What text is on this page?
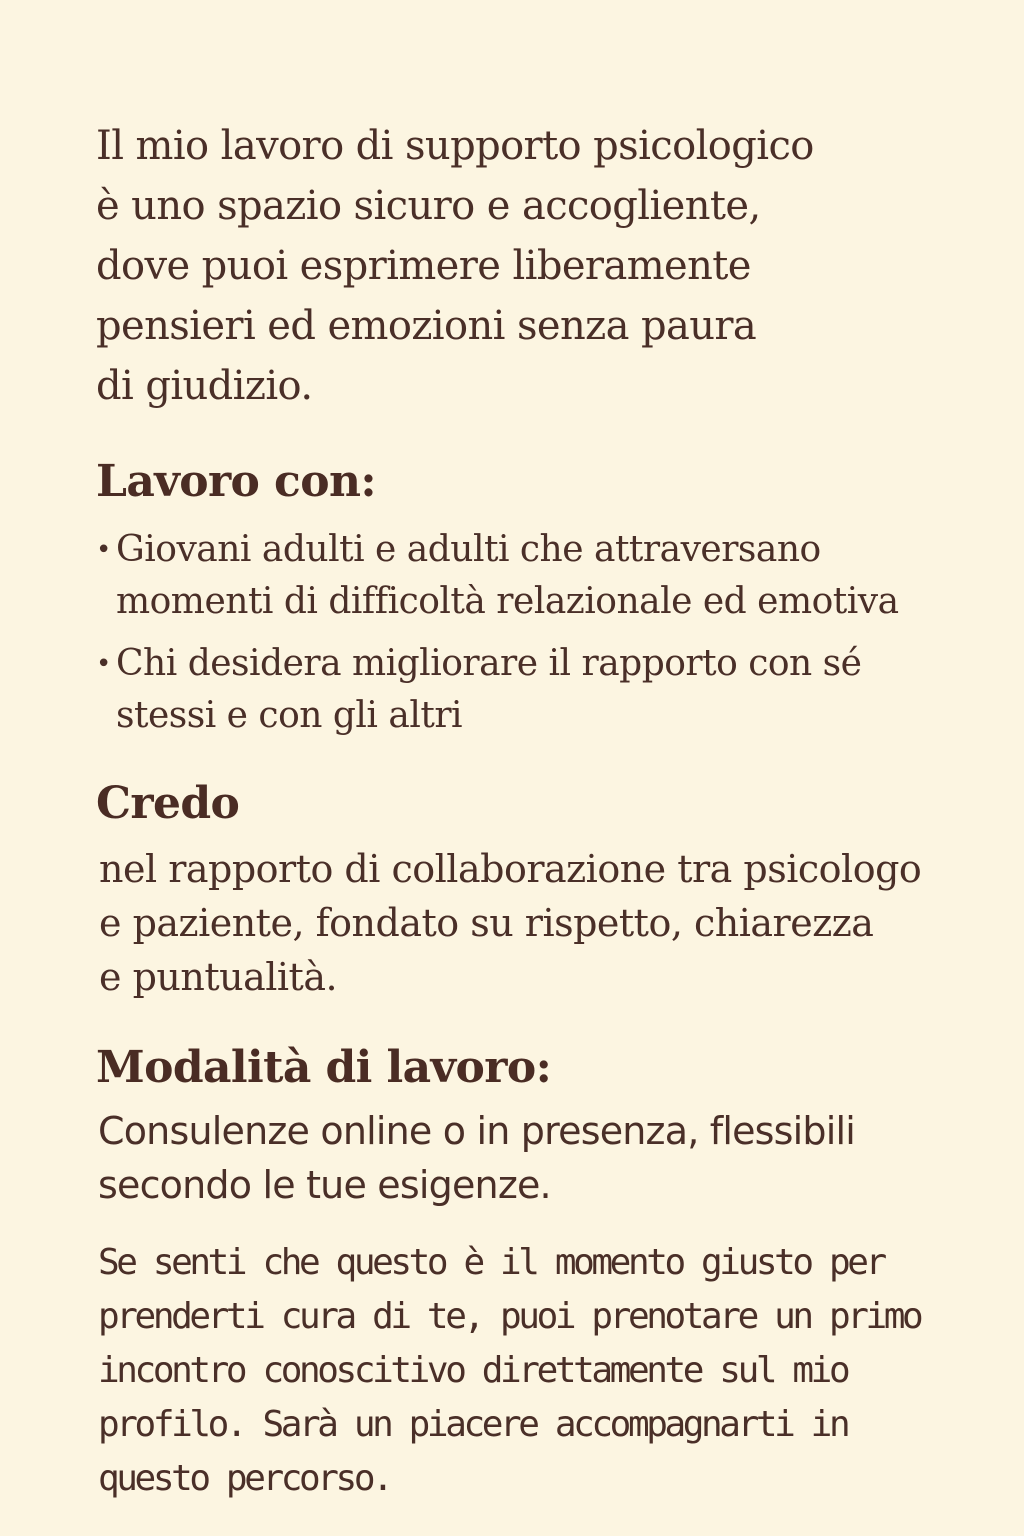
Il mio lavoro di supporto psicologico
è uno spazio sicuro e accogliente,
dove puoi esprimere liberamente
pensieri ed emozioni senza paura
di giudizio.

Lavoro con:
• Giovani adulti e adulti che attraversano
momenti di difficoltà relazionale ed emotiva
• Chi desidera migliorare il rapporto con sé
stessi e con gli altri
Credo

nel rapporto di collaborazione tra psicologo
e paziente, fondato su rispetto, chiarezza
e puntualità.

Modalità di lavoro:

Consulenze online o in presenza, flessibili
secondo le tue esigenze.

Se senti che questo è il momento giusto per
prenderti cura di te, puoi prenotare un primo
incontro conoscitivo direttamente sul mio
profilo. Sarà un piacere accompagnarti in
questo percorso.
